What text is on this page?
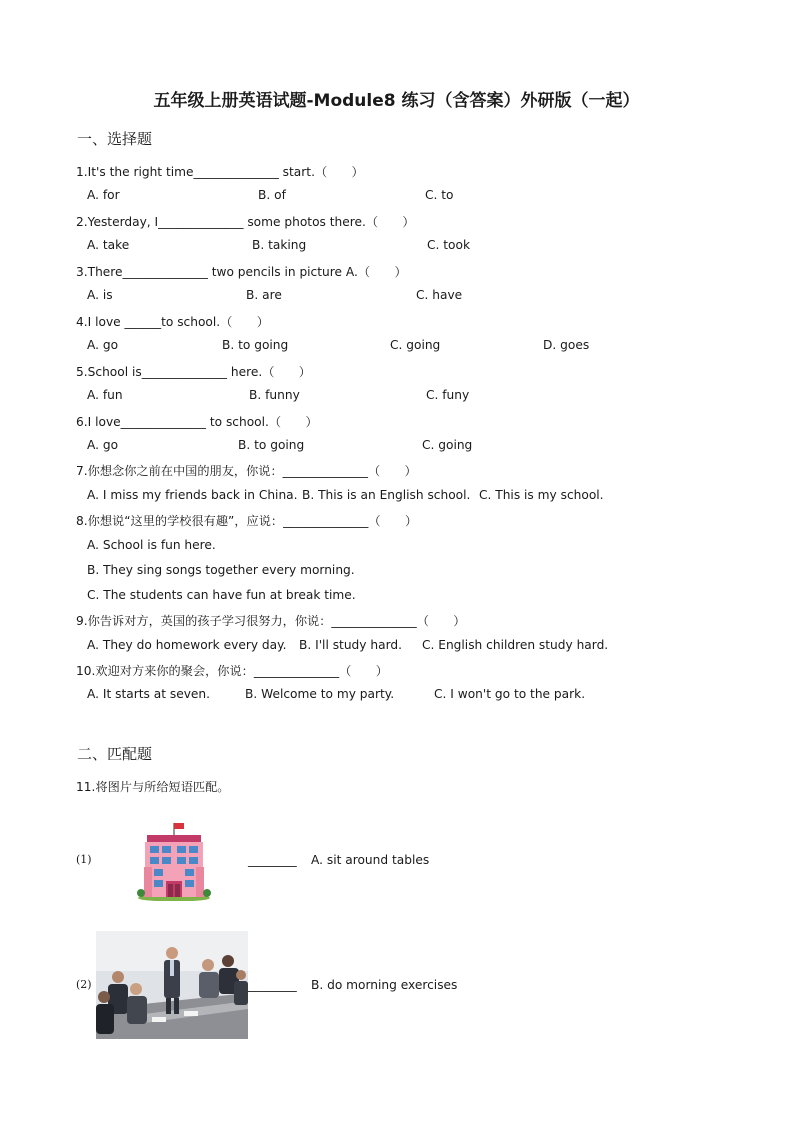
五年级上册英语试题-Module8 练习（含答案）外研版（一起）
一、选择题
1.It's the right time______________ start.（　　）
A. for	B. of	C. to
2.Yesterday, I______________ some photos there.（　　）
A. take	B. taking	C. took
3.There______________ two pencils in picture A.（　　）
A. is	B. are	C. have
4.I love ______to school.（　　）
A. go	B. to going	C. going	D. goes
5.School is______________ here.（　　）
A. fun	B. funny	C. funy
6.I love______________ to school.（　　）
A. go	B. to going	C. going
7.你想念你之前在中国的朋友，你说：______________（　　）
A. I miss my friends back in China. B. This is an English school. C. This is my school.
8.你想说“这里的学校很有趣”，应说：______________（　　）
A. School is fun here.
B. They sing songs together every morning.
C. The students can have fun at break time.
9.你告诉对方，英国的孩子学习很努力，你说：______________（　　）
A. They do homework every day. B. I'll study hard. C. English children study hard.
10.欢迎对方来你的聚会，你说：______________（　　）
A. It starts at seven.	B. Welcome to my party.	C. I won't go to the park.
二、匹配题
11.将图片与所给短语匹配。
(1)	________ A. sit around tables
(2)	________ B. do morning exercises
